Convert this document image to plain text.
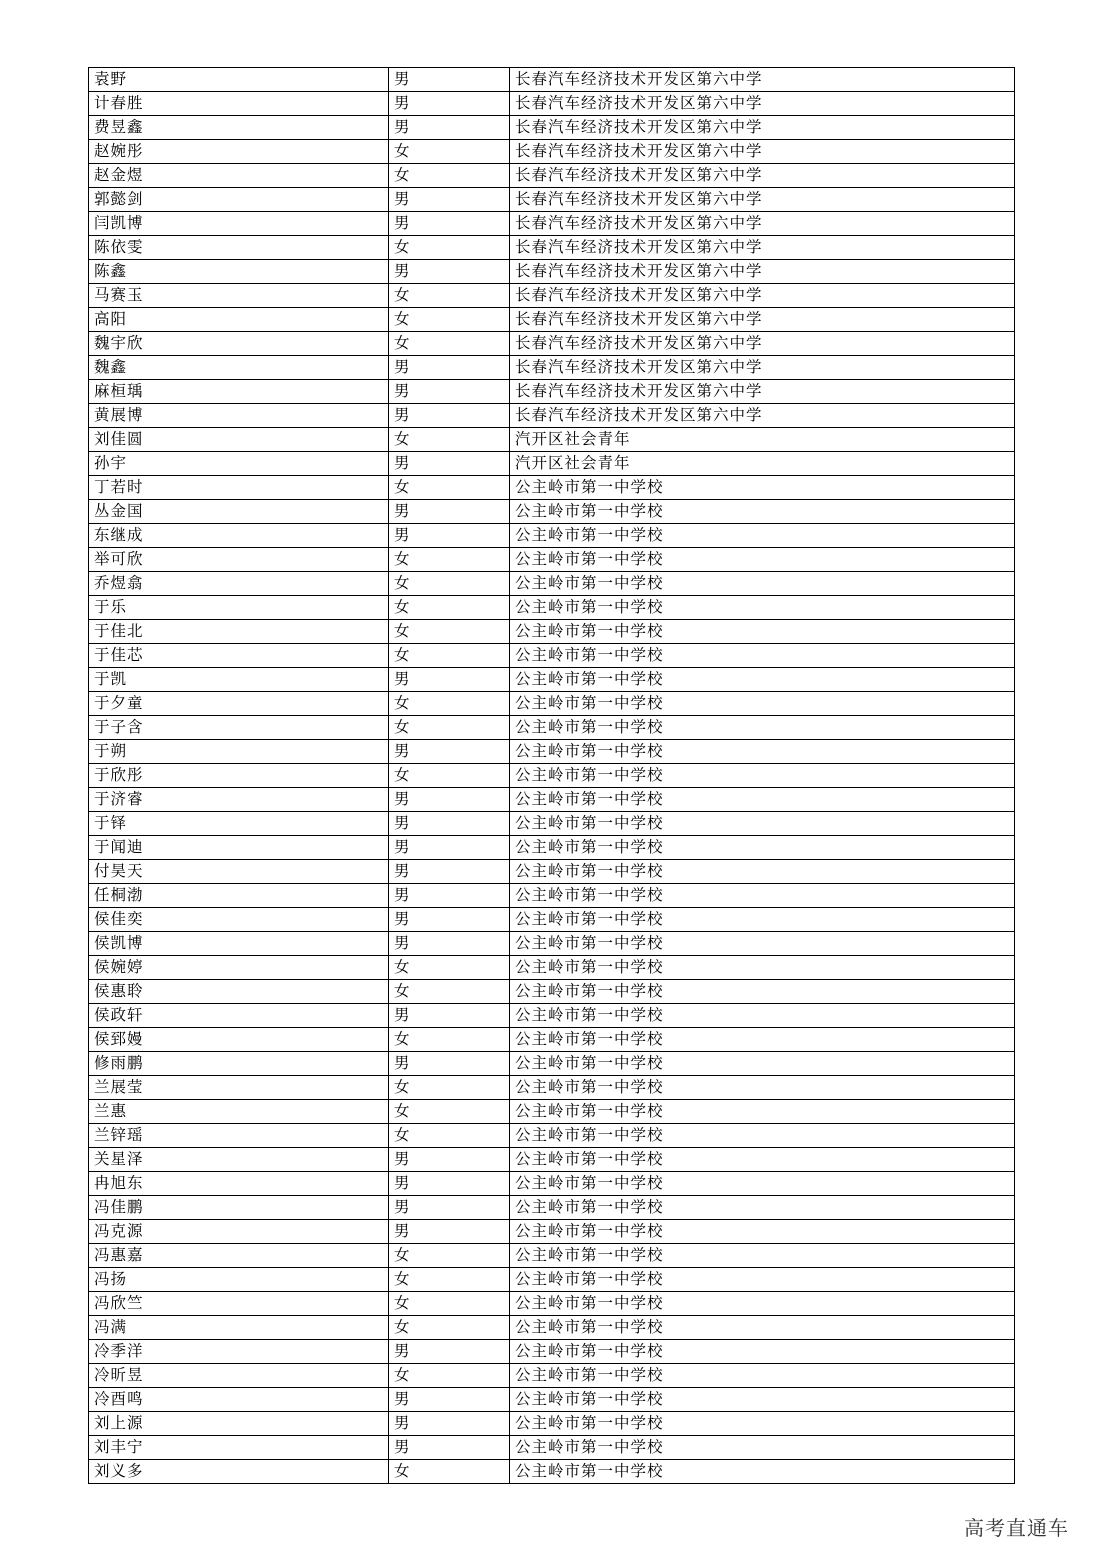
袁野	男	长春汽车经济技术开发区第六中学
计春胜	男	长春汽车经济技术开发区第六中学
费昱鑫	男	长春汽车经济技术开发区第六中学
赵婉彤	女	长春汽车经济技术开发区第六中学
赵金煜	女	长春汽车经济技术开发区第六中学
郭懿剑	男	长春汽车经济技术开发区第六中学
闫凯博	男	长春汽车经济技术开发区第六中学
陈依雯	女	长春汽车经济技术开发区第六中学
陈鑫	男	长春汽车经济技术开发区第六中学
马赛玉	女	长春汽车经济技术开发区第六中学
高阳	女	长春汽车经济技术开发区第六中学
魏宇欣	女	长春汽车经济技术开发区第六中学
魏鑫	男	长春汽车经济技术开发区第六中学
麻桓瑀	男	长春汽车经济技术开发区第六中学
黄展博	男	长春汽车经济技术开发区第六中学
刘佳圆	女	汽开区社会青年
孙宇	男	汽开区社会青年
丁若时	女	公主岭市第一中学校
丛金国	男	公主岭市第一中学校
东继成	男	公主岭市第一中学校
举可欣	女	公主岭市第一中学校
乔煜翕	女	公主岭市第一中学校
于乐	女	公主岭市第一中学校
于佳北	女	公主岭市第一中学校
于佳芯	女	公主岭市第一中学校
于凯	男	公主岭市第一中学校
于夕童	女	公主岭市第一中学校
于子含	女	公主岭市第一中学校
于朔	男	公主岭市第一中学校
于欣彤	女	公主岭市第一中学校
于济睿	男	公主岭市第一中学校
于铎	男	公主岭市第一中学校
于闻迪	男	公主岭市第一中学校
付昊天	男	公主岭市第一中学校
任桐渤	男	公主岭市第一中学校
侯佳奕	男	公主岭市第一中学校
侯凯博	男	公主岭市第一中学校
侯婉婷	女	公主岭市第一中学校
侯惠聆	女	公主岭市第一中学校
侯政轩	男	公主岭市第一中学校
侯郅嫚	女	公主岭市第一中学校
修雨鹏	男	公主岭市第一中学校
兰展莹	女	公主岭市第一中学校
兰惠	女	公主岭市第一中学校
兰锌瑶	女	公主岭市第一中学校
关星泽	男	公主岭市第一中学校
冉旭东	男	公主岭市第一中学校
冯佳鹏	男	公主岭市第一中学校
冯克源	男	公主岭市第一中学校
冯惠嘉	女	公主岭市第一中学校
冯扬	女	公主岭市第一中学校
冯欣竺	女	公主岭市第一中学校
冯满	女	公主岭市第一中学校
冷季洋	男	公主岭市第一中学校
冷昕昱	女	公主岭市第一中学校
冷酉鸣	男	公主岭市第一中学校
刘上源	男	公主岭市第一中学校
刘丰宁	男	公主岭市第一中学校
刘义多	女	公主岭市第一中学校
高考直通车
